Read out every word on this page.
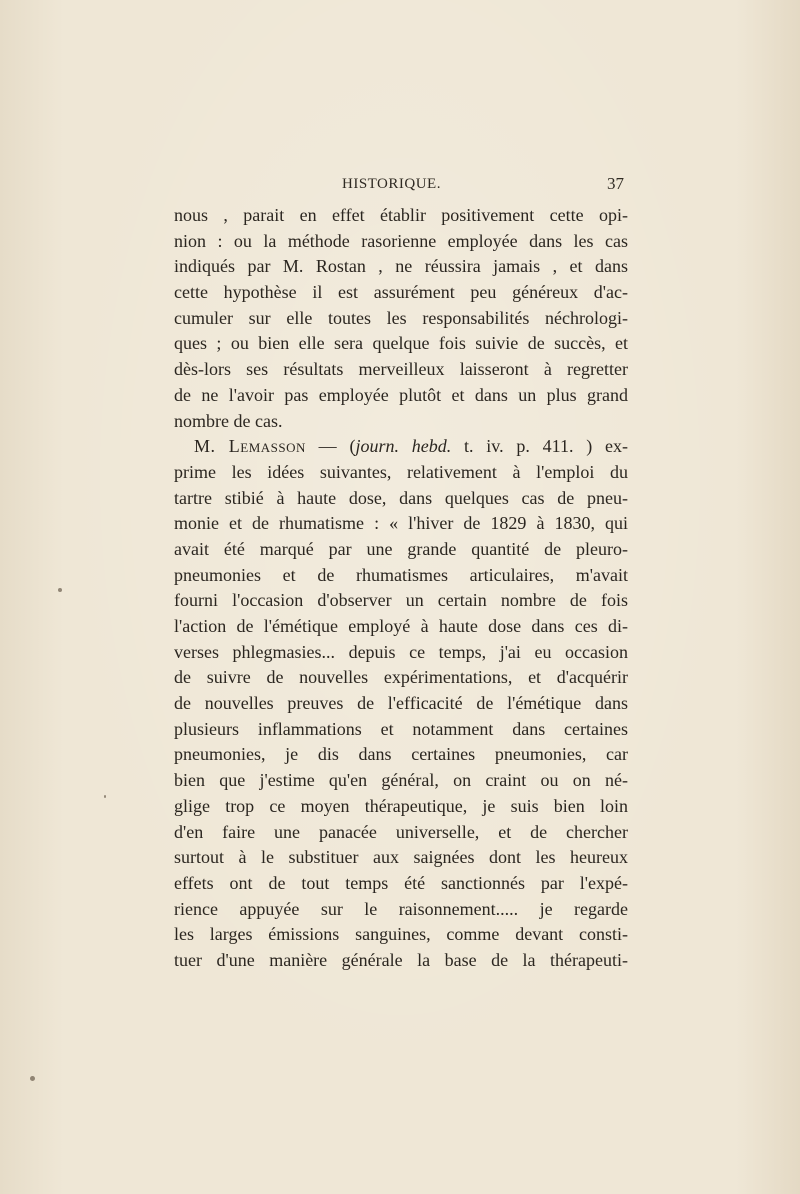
HISTORIQUE.	37
nous , parait en effet établir positivement cette opi-
nion : ou la méthode rasorienne employée dans les cas
indiqués par M. Rostan , ne réussira jamais , et dans
cette hypothèse il est assurément peu généreux d'ac-
cumuler sur elle toutes les responsabilités néchrologi-
ques ; ou bien elle sera quelque fois suivie de succès, et
dès-lors ses résultats merveilleux laisseront à regretter
de ne l'avoir pas employée plutôt et dans un plus grand
nombre de cas.
M. Lemasson — (journ. hebd. t. iv. p. 411. ) ex-
prime les idées suivantes, relativement à l'emploi du
tartre stibié à haute dose, dans quelques cas de pneu-
monie et de rhumatisme : « l'hiver de 1829 à 1830, qui
avait été marqué par une grande quantité de pleuro-
pneumonies et de rhumatismes articulaires, m'avait
fourni l'occasion d'observer un certain nombre de fois
l'action de l'émétique employé à haute dose dans ces di-
verses phlegmasies... depuis ce temps, j'ai eu occasion
de suivre de nouvelles expérimentations, et d'acquérir
de nouvelles preuves de l'efficacité de l'émétique dans
plusieurs inflammations et notamment dans certaines
pneumonies, je dis dans certaines pneumonies, car
bien que j'estime qu'en général, on craint ou on né-
glige trop ce moyen thérapeutique, je suis bien loin
d'en faire une panacée universelle, et de chercher
surtout à le substituer aux saignées dont les heureux
effets ont de tout temps été sanctionnés par l'expé-
rience appuyée sur le raisonnement..... je regarde
les larges émissions sanguines, comme devant consti-
tuer d'une manière générale la base de la thérapeuti-
